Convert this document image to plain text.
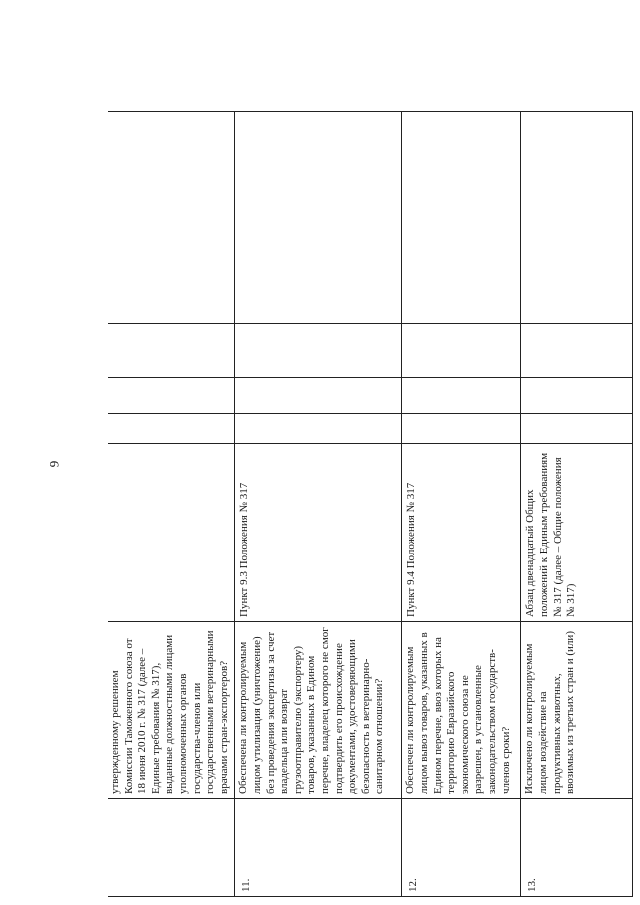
9
	утвержденному решением Комиссии Таможенного союза от 18 июня 2010 г. № 317 (далее – Единые требования № 317), выданные должностными лицами уполномоченных органов государства-членов или государственными ветеринарными врачами стран-экспортеров?					
11.	Обеспечена ли контролируемым лицом утилизация (уничтожение) без проведения экспертизы за счет владельца или возврат грузоотправителю (экспортеру) товаров, указанных в Едином перечне, владелец которого не смог подтвердить его происхождение документами, удостоверяющими безопасность в ветеринарно-санитарном отношении?	Пункт 9.3 Положения № 317				
12.	Обеспечен ли контролируемым лицом вывоз товаров, указанных в Едином перечне, ввоз которых на территорию Евразийского экономического союза не разрешен, в установленные законодательством государств-членов сроки?	Пункт 9.4 Положения № 317				
13.	Исключено ли контролируемым лицом воздействие на продуктивных животных, ввозимых из третьих стран и (или)	Абзац двенадцатый Общих положений к Единым требованиям № 317 (далее – Общие положения № 317)				
